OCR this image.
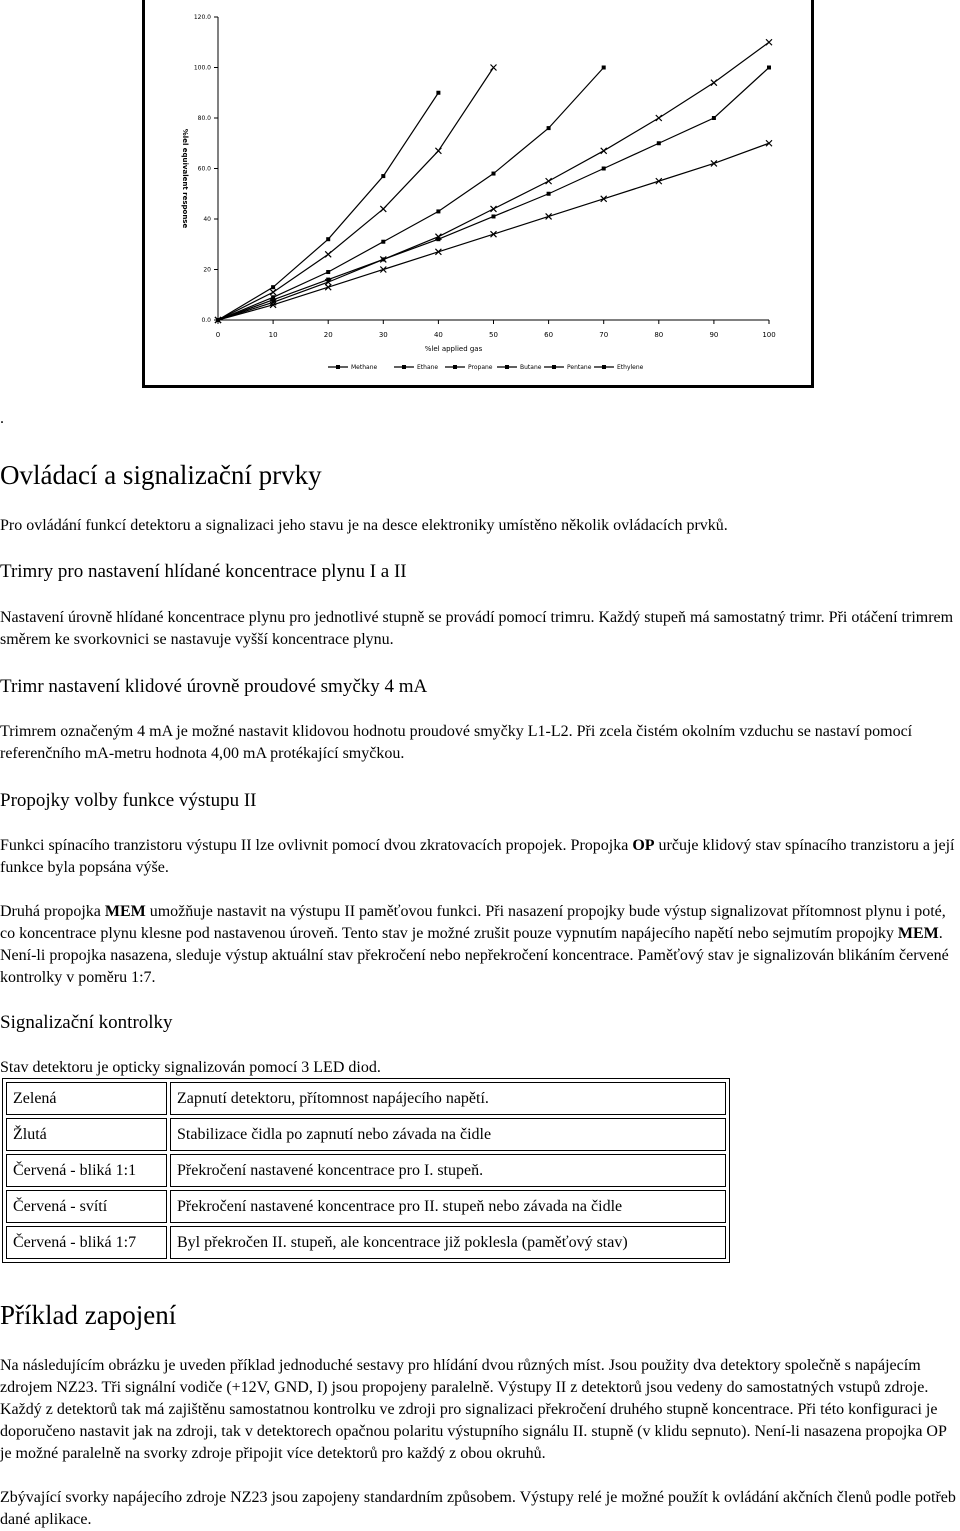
0	10	20	30	40	50	60	70	80	90	100
0.0
20
40
60.0
80.0
100.0
120.0
%lel applied gas
%lel equivalent response
Methane	Ethane	Propane	Butane	Pentane	Ethylene
.
Ovládací a signalizační prvky

Pro ovládání funkcí detektoru a signalizaci jeho stavu je na desce elektroniky umístěno několik ovládacích prvků.

Trimry pro nastavení hlídané koncentrace plynu I a II

Nastavení úrovně hlídané koncentrace plynu pro jednotlivé stupně se provádí pomocí trimru. Každý stupeň má samostatný trimr. Při otáčení trimrem směrem ke svorkovnici se nastavuje vyšší koncentrace plynu.

Trimr nastavení klidové úrovně proudové smyčky 4 mA

Trimrem označeným 4 mA je možné nastavit klidovou hodnotu proudové smyčky L1-L2. Při zcela čistém okolním vzduchu se nastaví pomocí referenčního mA-metru hodnota 4,00 mA protékající smyčkou.

Propojky volby funkce výstupu II

Funkci spínacího tranzistoru výstupu II lze ovlivnit pomocí dvou zkratovacích propojek. Propojka OP určuje klidový stav spínacího tranzistoru a její funkce byla popsána výše.

Druhá propojka MEM umožňuje nastavit na výstupu II paměťovou funkci. Při nasazení propojky bude výstup signalizovat přítomnost plynu i poté, co koncentrace plynu klesne pod nastavenou úroveň. Tento stav je možné zrušit pouze vypnutím napájecího napětí nebo sejmutím propojky MEM. Není-li propojka nasazena, sleduje výstup aktuální stav překročení nebo nepřekročení koncentrace. Paměťový stav je signalizován blikáním červené kontrolky v poměru 1:7.

Signalizační kontrolky

Stav detektoru je opticky signalizován pomocí 3 LED diod.

Zelená	Zapnutí detektoru, přítomnost napájecího napětí.
Žlutá	Stabilizace čidla po zapnutí nebo závada na čidle
Červená - bliká 1:1	Překročení nastavené koncentrace pro I. stupeň.
Červená - svítí	Překročení nastavené koncentrace pro II. stupeň nebo závada na čidle
Červená - bliká 1:7	Byl překročen II. stupeň, ale koncentrace již poklesla (paměťový stav)
Příklad zapojení

Na následujícím obrázku je uveden příklad jednoduché sestavy pro hlídání dvou různých míst. Jsou použity dva detektory společně s napájecím zdrojem NZ23. Tři signální vodiče (+12V, GND, I) jsou propojeny paralelně. Výstupy II z detektorů jsou vedeny do samostatných vstupů zdroje. Každý z detektorů tak má zajištěnu samostatnou kontrolku ve zdroji pro signalizaci překročení druhého stupně koncentrace. Při této konfiguraci je doporučeno nastavit jak na zdroji, tak v detektorech opačnou polaritu výstupního signálu II. stupně (v klidu sepnuto). Není-li nasazena propojka OP je možné paralelně na svorky zdroje připojit více detektorů pro každý z obou okruhů.

Zbývající svorky napájecího zdroje NZ23 jsou zapojeny standardním způsobem. Výstupy relé je možné použít k ovládání akčních členů podle potřeb dané aplikace.
